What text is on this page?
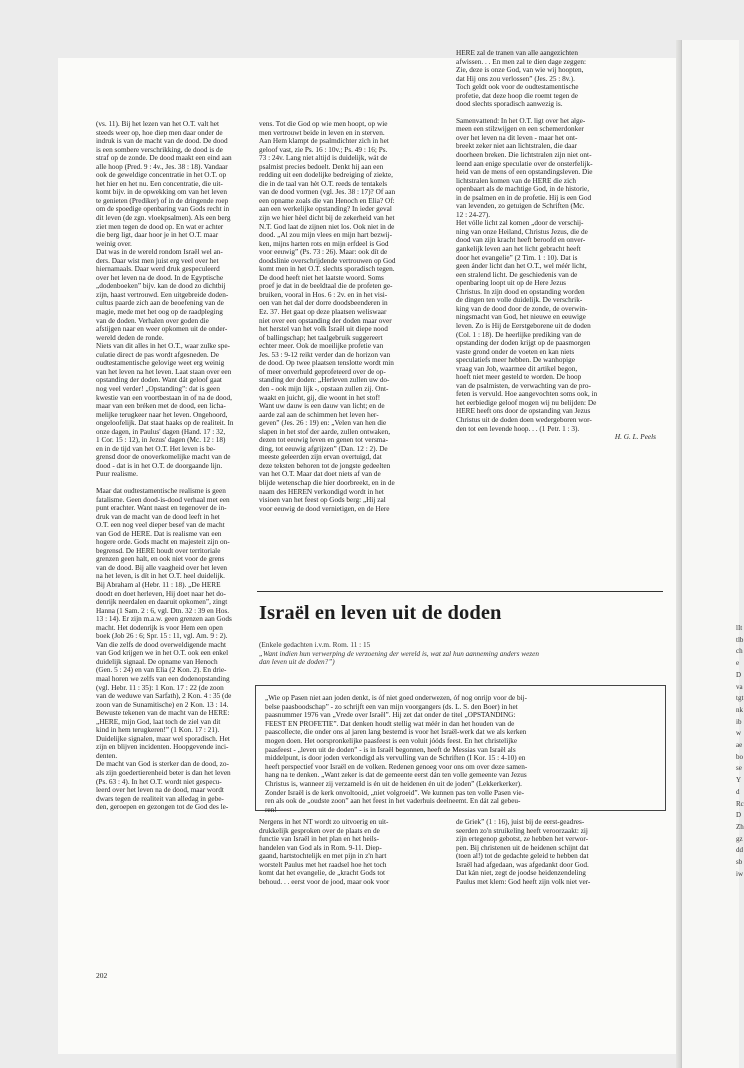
(vs. 11). Bij het lezen van het O.T. valt het
steeds weer op, hoe diep men daar onder de
indruk is van de macht van de dood. De dood
is een sombere verschrikking, de dood is de
straf op de zonde. De dood maakt een eind aan
alle hoop (Pred. 9 : 4v., Jes. 38 : 18). Vandaar
ook de geweldige concentratie in het O.T. op
het hier en het nu. Een concentratie, die uit-
komt bijv. in de opwekking om van het leven
te genieten (Prediker) of in de dringende roep
om de spoedige openbaring van Gods recht in
dit leven (de zgn. vloekpsalmen). Als een berg
ziet men tegen de dood op. En wat er achter
die berg ligt, daar hoor je in het O.T. maar
weinig over.
Dat was in de wereld rondom Israël wel an-
ders. Daar wist men juist erg veel over het
hiernamaals. Daar werd druk gespeculeerd
over het leven na de dood. In de Egyptische
„dodenboeken” bijv. kan de dood zo dichtbij
zijn, haast vertrouwd. Een uitgebreide doden-
cultus paarde zich aan de beoefening van de
magie, mede met het oog op de raadpleging
van de doden. Verhalen over goden die
afstijgen naar en weer opkomen uit de onder-
wereld deden de ronde.
Niets van dit alles in het O.T., waar zulke spe-
culatie direct de pas wordt afgesneden. De
oudtestamentische gelovige weet erg weinig
van het leven na het leven. Laat staan over een
opstanding der doden. Want dát geloof gaat
nog veel verder! „Opstanding”: dat is geen
kwestie van een voortbestaan in of na de dood,
maar van een bréken met de dood, een licha-
melijke terugkeer naar het leven. Ongehoord,
ongeloofelijk. Dat staat haaks op de realiteit. In
onze dagen, in Paulus' dagen (Hand. 17 : 32,
1 Cor. 15 : 12), in Jezus' dagen (Mc. 12 : 18)
en in de tijd van het O.T. Het leven is be-
grensd door de onoverkomelijke macht van de
dood - dat is in het O.T. de doorgaande lijn.
Puur realisme.

Maar dat oudtestamentische realisme is geen
fatalisme. Geen dood-is-dood verhaal met een
punt erachter. Want naast en tegenover de in-
druk van de macht van de dood leeft in het
O.T. een nog veel dieper besef van de macht
van God de HERE. Dat is realisme van een
hogere orde. Gods macht en majesteit zijn on-
begrensd. De HERE houdt over territoriale
grenzen geen halt, en ook niet voor de grens
van de dood. Bij alle vaagheid over het leven
na het leven, is dít in het O.T. heel duidelijk.
Bij Abraham al (Hebr. 11 : 18). „De HERE
doodt en doet herleven, Hij doet naar het do-
denrijk neerdalen en daaruit opkomen”, zingt
Hanna (1 Sam. 2 : 6, vgl. Dtn. 32 : 39 en Hos.
13 : 14). Er zijn m.a.w. geen grenzen aan Gods
macht. Het dodenrijk is voor Hem een open
boek (Job 26 : 6; Spr. 15 : 11, vgl. Am. 9 : 2).
Van die zelfs de dood overweldigende macht
van God krijgen we in het O.T. ook een enkel
duidelijk signaal. De opname van Henoch
(Gen. 5 : 24) en van Elia (2 Kon. 2). En drie-
maal horen we zelfs van een dodenopstanding
(vgl. Hebr. 11 : 35): 1 Kon. 17 : 22 (de zoon
van de weduwe van Sarfath), 2 Kon. 4 : 35 (de
zoon van de Sunamitische) en 2 Kon. 13 : 14.
Bewuste tekenen van de macht van de HERE:
„HERE, mijn God, laat toch de ziel van dit
kind in hem terugkeren!” (1 Kon. 17 : 21).
Duidelijke signalen, maar wel sporadisch. Het
zijn en blijven incidenten. Hoopgevende inci-
denten.
De macht van God is sterker dan de dood, zo-
als zijn goedertierenheid beter is dan het leven
(Ps. 63 : 4). In het O.T. wordt niet gespecu-
leerd over het leven na de dood, maar wordt
dwars tegen de realiteit van alledag in gebe-
den, geroepen en gezongen tot de God des le-

vens. Tot die God op wie men hoopt, op wie
men vertrouwt beide in leven en in sterven.
Aan Hem klampt de psalmdichter zich in het
geloof vast, zie Ps. 16 : 10v.; Ps. 49 : 16; Ps.
73 : 24v. Lang niet altijd is duidelijk, wát de
psalmist precies bedoelt. Denkt hij aan een
redding uit een dodelijke bedreiging of ziekte,
die in de taal van hèt O.T. reeds de tentakels
van de dood vormen (vgl. Jes. 38 : 17)? Of aan
een opname zoals die van Henoch en Elia? Of:
aan een werkelijke opstanding? In ieder geval
zijn we hier hèel dicht bij de zekerheid van het
N.T. God laat de zijnen niet los. Ook niet in de
dood. „Al zou mijn vlees en mijn hart bezwij-
ken, mijns harten rots en mijn erfdeel is God
voor eeuwig” (Ps. 73 : 26). Maar: ook dít de
doodslinie overschrijdende vertrouwen op God
komt men in het O.T. slechts sporadisch tegen.
De dood heeft niet het laatste woord. Soms
proef je dat in de beeldtaal die de profeten ge-
bruiken, vooral in Hos. 6 : 2v. en in het visi-
oen van het dal der dorre doodsbeenderen in
Ez. 37. Het gaat op deze plaatsen weliswaar
niet over een opstanding der doden maar over
het herstel van het volk Israël uit diepe nood
of ballingschap; het taalgebruik suggereert
echter meer. Ook de moeilijke profetie van
Jes. 53 : 9-12 reikt verder dan de horizon van
de dood. Op twee plaatsen tenslotte wordt min
of meer onverhuld geprofeteerd over de op-
standing der doden: „Herleven zullen uw do-
den - ook mijn lijk -, opstaan zullen zij. Ont-
waakt en juicht, gij, die woont in het stof!
Want uw dauw is een dauw van licht; en de
aarde zal aan de schimmen het leven her-
geven” (Jes. 26 : 19) en: „Velen van hen die
slapen in het stof der aarde, zullen ontwaken,
dezen tot eeuwig leven en genen tot versma-
ding, tot eeuwig afgrijzen” (Dan. 12 : 2). De
meeste geleerden zijn ervan overtuigd, dat
deze teksten behoren tot de jongste gedeelten
van het O.T. Maar dat doet niets af van de
blijde wetenschap die hier doorbreekt, en in de
naam des HEREN verkondigd wordt in het
visioen van het feest op Gods berg: „Hij zal
voor eeuwig de dood vernietigen, en de Here

HERE zal de tranen van alle aangezichten
afwissen. . . En men zal te dien dage zeggen:
Zie, deze is onze God, van wie wij hoopten,
dat Hij ons zou verlossen” (Jes. 25 : 8v.).
Toch geldt ook voor de oudtestamentische
profetie, dat deze hoop die roemt tegen de
dood slechts sporadisch aanwezig is.

Samenvattend: In het O.T. ligt over het alge-
meen een stilzwijgen en een schemerdonker
over het leven na dit leven - maar het ont-
breekt zeker niet aan lichtstralen, die daar
doorheen breken. Die lichtstralen zijn niet ont-
leend aan enige speculatie over de onsterfelijk-
heid van de mens of een opstandingsleven. Die
lichtstralen komen van de HERE die zich
openbaart als de machtige God, in de historie,
in de psalmen en in de profetie. Hij is een God
van levenden, zo getuigen de Schriften (Mc.
12 : 24-27).
Het vólle licht zal komen „door de verschij-
ning van onze Heiland, Christus Jezus, die de
dood van zijn kracht heeft beroofd en onver-
gankelijk leven aan het licht gebracht heeft
door het evangelie” (2 Tim. 1 : 10). Dat is
geen ánder licht dan het O.T., wel méér licht,
een stralend licht. De geschiedenis van de
openbaring loopt uit op de Here Jezus
Christus. In zijn dood en opstanding worden
de dingen ten volle duidelijk. De verschrik-
king van de dood door de zonde, de overwin-
ningsmacht van God, het nieuwe en eeuwige
leven. Zo is Hij de Eerstgeborene uit de doden
(Col. 1 : 18). De heerlijke prediking van de
opstanding der doden krijgt op de paasmorgen
vaste grond onder de voeten en kan niets
speculatiefs meer hebben. De wanhopige
vraag van Job, waarmee dit artikel begon,
hoeft niet meer gesteld te worden. De hoop
van de psalmisten, de verwachting van de pro-
feten is vervuld. Hoe aangevochten soms ook, in
het eerbiedige geloof mogen wij nu belijden: De
HERE heeft ons door de opstanding van Jezus
Christus uit de doden doen wedergeboren wor-
den tot een levende hoop. . . (1 Petr. 1 : 3).

H. G. L. Peels
Israël en leven uit de doden
(Enkele gedachten i.v.m. Rom. 11 : 15
„Want indien hun verwerping de verzoening der wereld is, wat zal hun aanneming anders wezen
dan leven uit de doden?”)
„Wie op Pasen niet aan joden denkt, is óf niet goed onderwezen, óf nog onrijp voor de bij-
belse paasboodschap” - zo schrijft een van mijn voorgangers (ds. L. S. den Boer) in het
paasnummer 1976 van „Vrede over Israël”. Hij zet dat onder de titel „OPSTANDING:
FEEST EN PROFETIE”. Dat denken houdt stellig wat méér in dan het houden van de
paascollecte, die onder ons al jaren lang bestemd is voor het Israël-werk dat we als kerken
mogen doen. Het oorspronkelijke paasfeest is een voluit jóóds feest. En het christelijke
paasfeest - „leven uit de doden” - is in Israël begonnen, heeft de Messias van Israël als
middelpunt, is door joden verkondigd als vervulling van de Schriften (I Kor. 15 : 4-10) en
heeft perspectief voor Israël en de volken. Redenen genoeg voor ons om over deze samen-
hang na te denken. „Want zeker is dat de gemeente eerst dán ten volle gemeente van Jezus
Christus is, wanneer zij verzameld is én uit de heidenen én uit de joden” (Lekkerkerker).
Zonder Israël is de kerk onvoltooid, „niet volgroeid”. We kunnen pas ten volle Pasen vie-
ren als ook de „oudste zoon” aan het feest in het vaderhuis deelneemt. En dát zal gebeu-
ren!

Nergens in het NT wordt zo uitvoerig en uit-
drukkelijk gesproken over de plaats en de
functie van Israël in het plan en het heils-
handelen van God als in Rom. 9-11. Diep-
gaand, hartstochtelijk en met pijn in z'n hart
worstelt Paulus met het raadsel hoe het toch
komt dat het evangelie, de „kracht Gods tot
behoud. . . eerst voor de jood, maar ook voor

de Griek” (1 : 16), juist bij de eerst-geadres-
seerden zo'n struikeling heeft veroorzaakt: zij
zijn ertegenop gebotst, ze hebben het verwor-
pen. Bij christenen uit de heidenen schijnt dat
(toen al!) tot de gedachte geleid te hebben dat
Israël had afgedaan, was afgedankt door God.
Dat kán niet, zegt de joodse heidenzendeling
Paulus met klem: God heeft zijn volk niet ver-

202
lIttlbcheDvatgtnkibwaeboseYdRcDZhgzddsbiw
